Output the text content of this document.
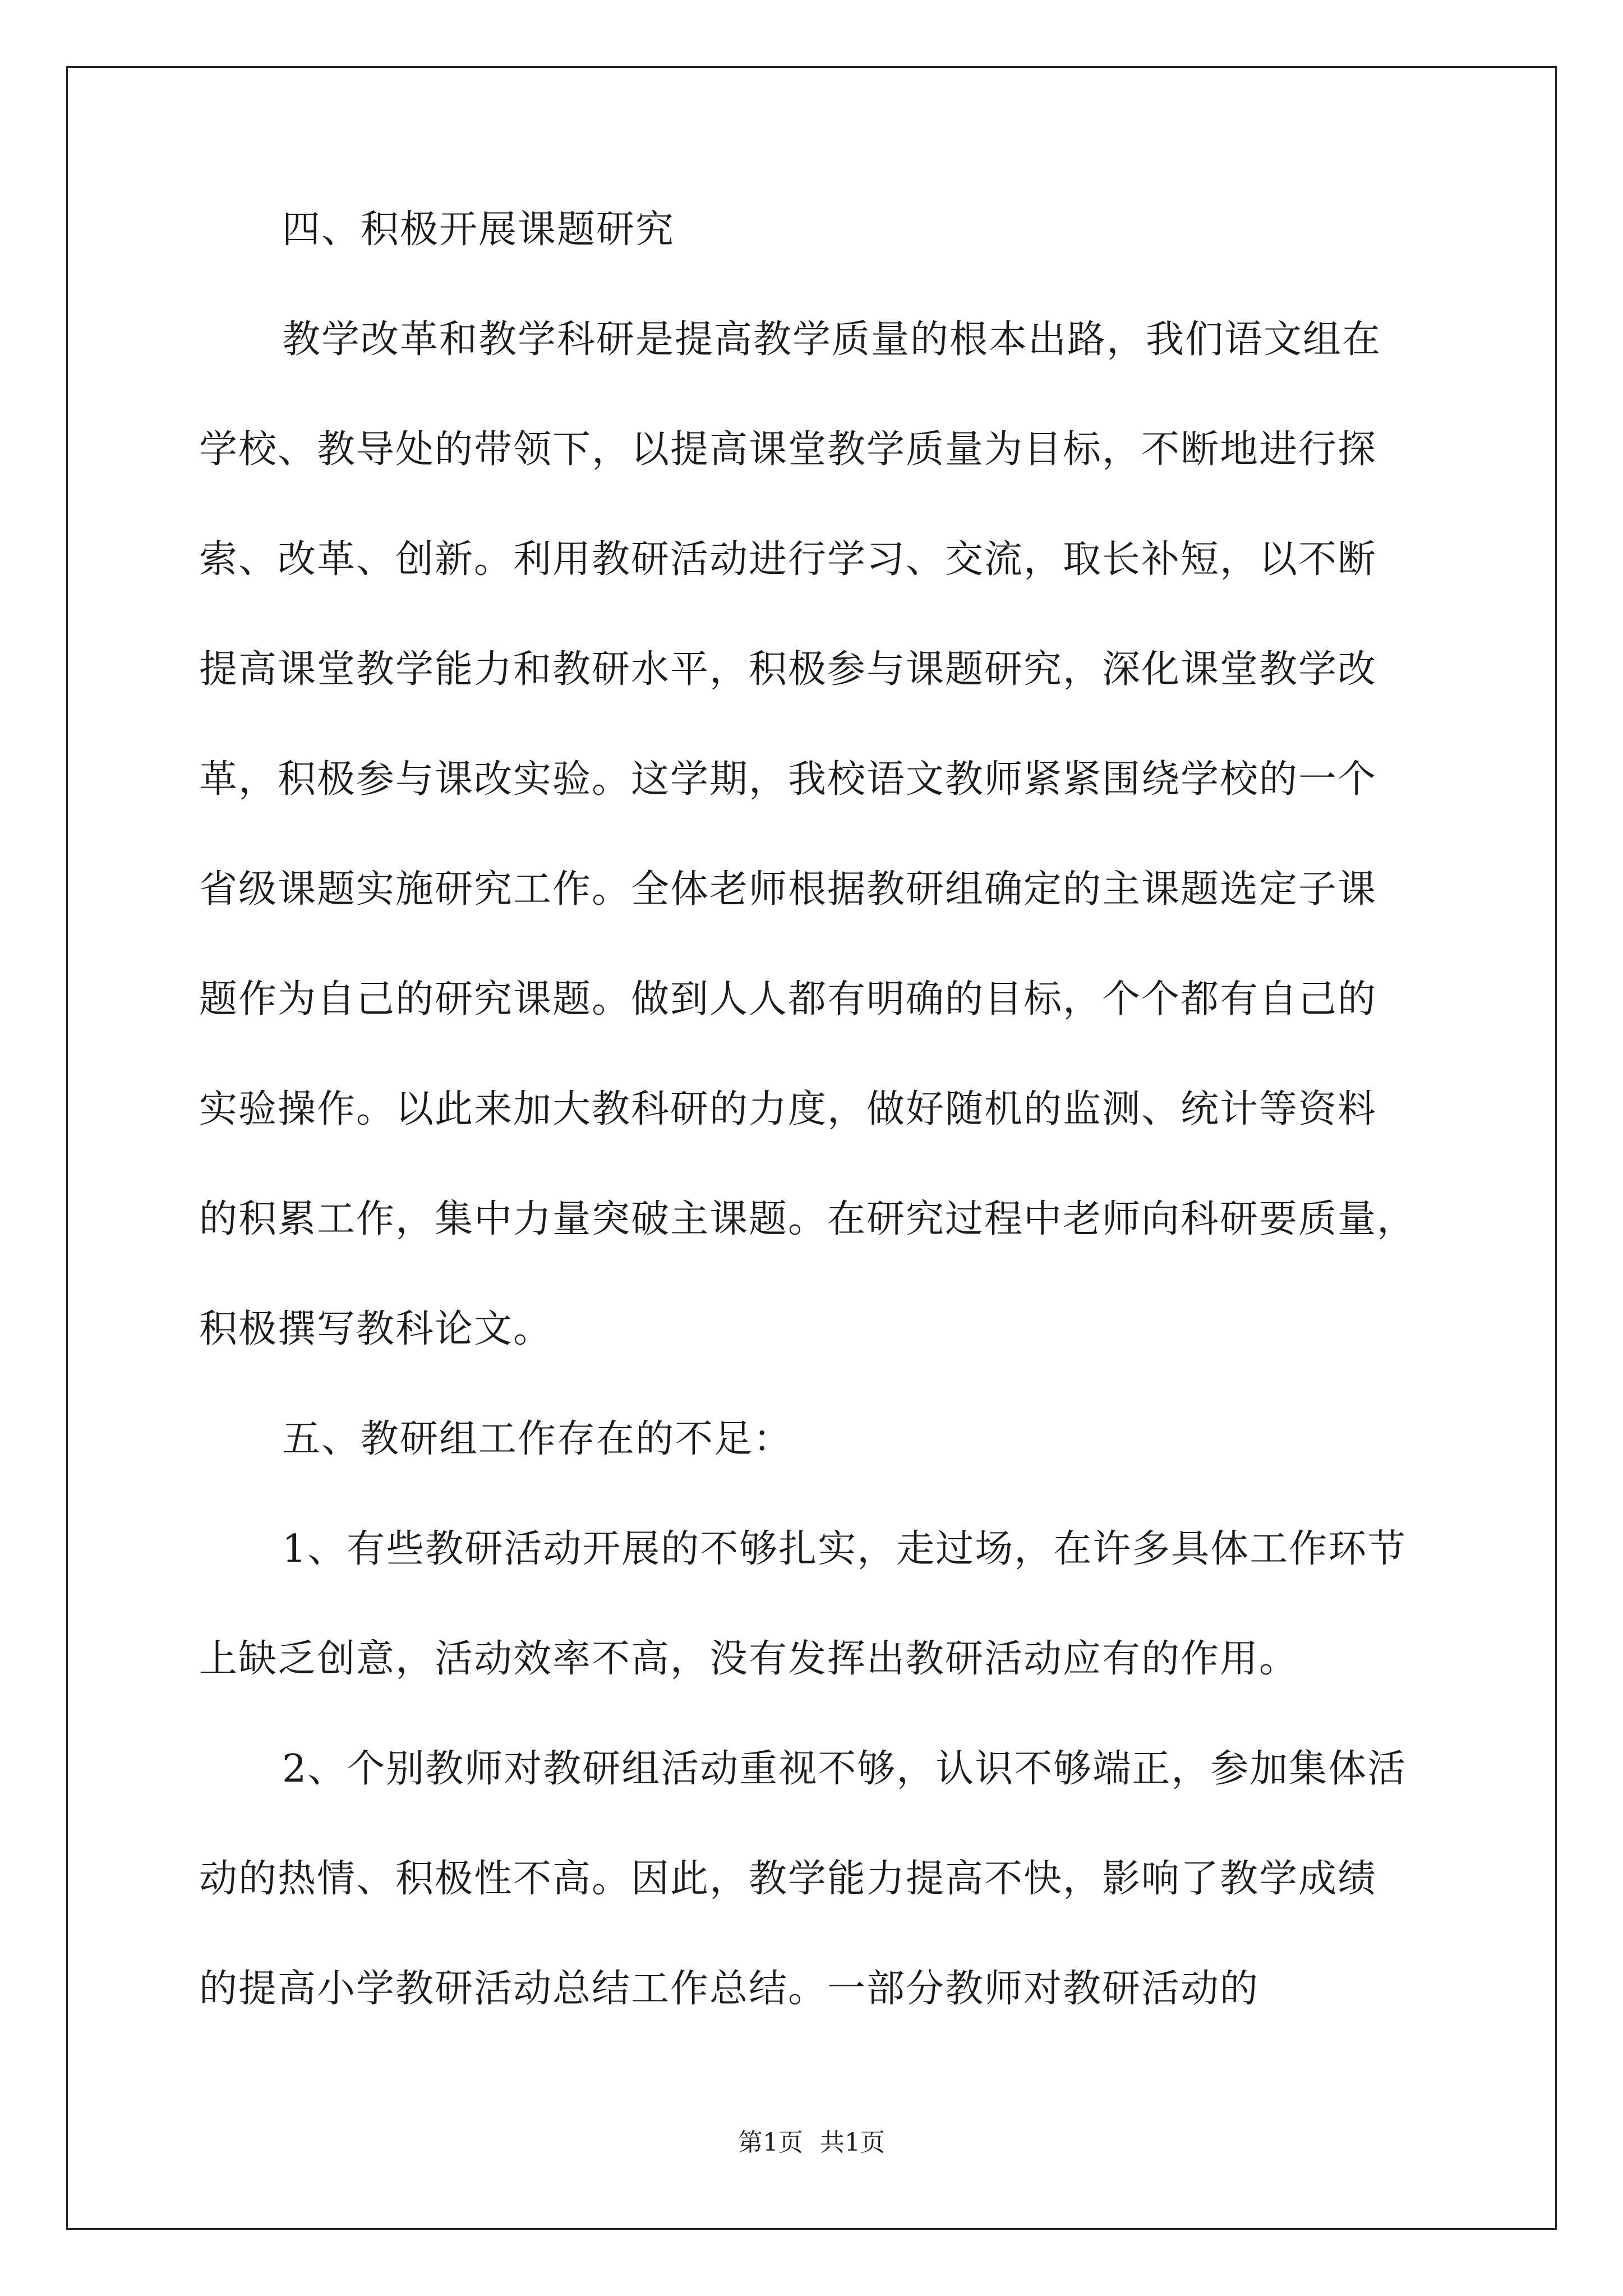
四、积极开展课题研究
教学改革和教学科研是提高教学质量的根本出路，我们语文组在
学校、教导处的带领下，以提高课堂教学质量为目标，不断地进行探
索、改革、创新。利用教研活动进行学习、交流，取长补短，以不断
提高课堂教学能力和教研水平，积极参与课题研究，深化课堂教学改
革，积极参与课改实验。这学期，我校语文教师紧紧围绕学校的一个
省级课题实施研究工作。全体老师根据教研组确定的主课题选定子课
题作为自己的研究课题。做到人人都有明确的目标，个个都有自己的
实验操作。以此来加大教科研的力度，做好随机的监测、统计等资料
的积累工作，集中力量突破主课题。在研究过程中老师向科研要质量，
积极撰写教科论文。
五、教研组工作存在的不足：
1、有些教研活动开展的不够扎实，走过场，在许多具体工作环节
上缺乏创意，活动效率不高，没有发挥出教研活动应有的作用。
2、个别教师对教研组活动重视不够，认识不够端正，参加集体活
动的热情、积极性不高。因此，教学能力提高不快，影响了教学成绩
的提高小学教研活动总结工作总结。一部分教师对教研活动的
第1页 共1页
